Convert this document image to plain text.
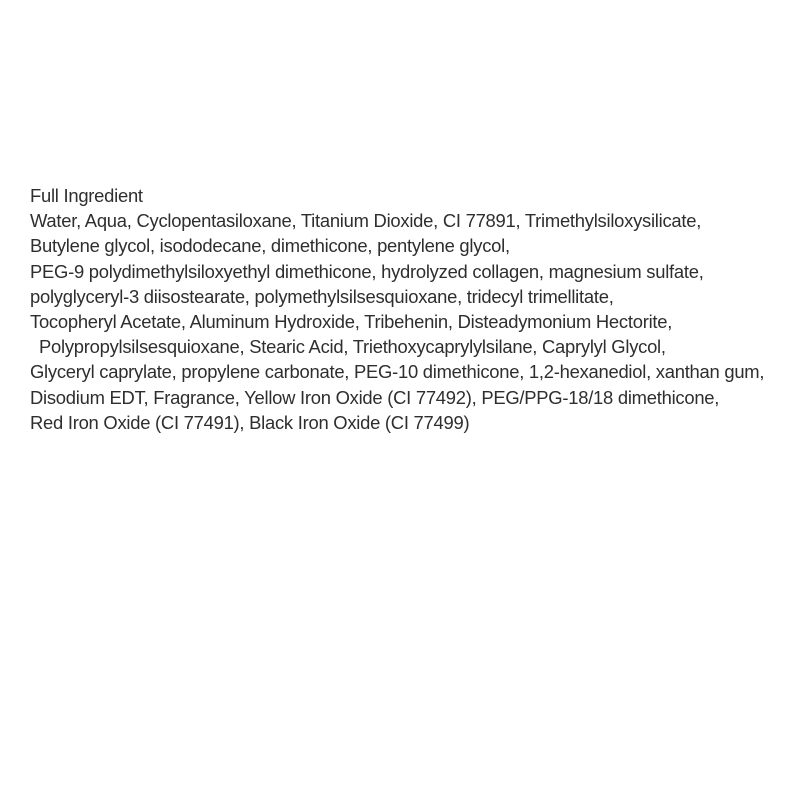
Full Ingredient

Water, Aqua, Cyclopentasiloxane, Titanium Dioxide, CI 77891, Trimethylsiloxysilicate,

Butylene glycol, isododecane, dimethicone, pentylene glycol,

PEG-9 polydimethylsiloxyethyl dimethicone, hydrolyzed collagen, magnesium sulfate,

polyglyceryl-3 diisostearate, polymethylsilsesquioxane, tridecyl trimellitate,

Tocopheryl Acetate, Aluminum Hydroxide, Tribehenin, Disteadymonium Hectorite,

Polypropylsilsesquioxane, Stearic Acid, Triethoxycaprylylsilane, Caprylyl Glycol,

Glyceryl caprylate, propylene carbonate, PEG-10 dimethicone, 1,2-hexanediol, xanthan gum,

Disodium EDT, Fragrance, Yellow Iron Oxide (CI 77492), PEG/PPG-18/18 dimethicone,

Red Iron Oxide (CI 77491), Black Iron Oxide (CI 77499)
